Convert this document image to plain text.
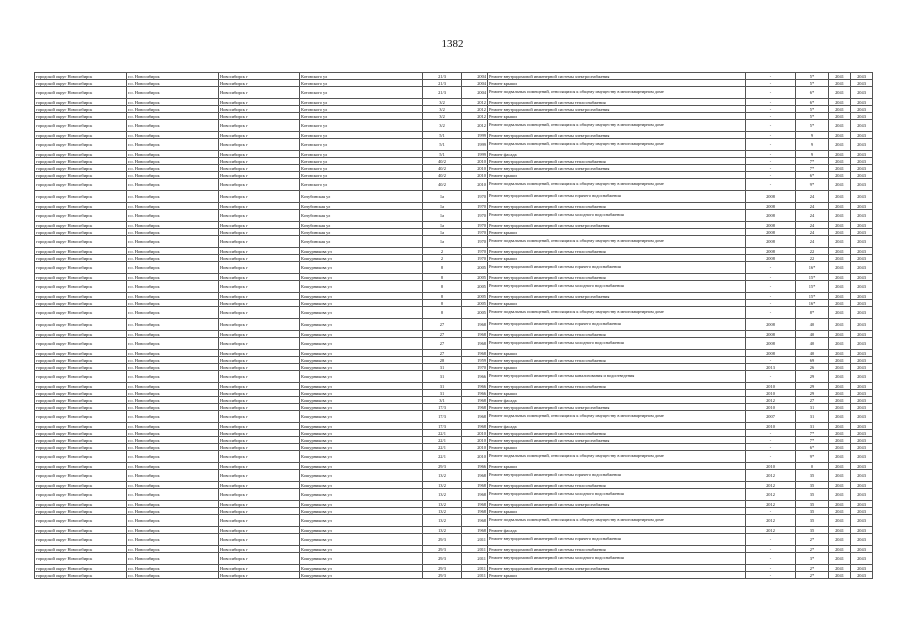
1382
городской округ Новосибирск	г.о. Новосибирск	Новосибирск г	Котовского ул	21/3	2004	Ремонт внутридомовой инженерной системы электроснабжения	-	5*	2041	2043
городской округ Новосибирск	г.о. Новосибирск	Новосибирск г	Котовского ул	21/3	2004	Ремонт крыши	-	5*	2041	2043
городской округ Новосибирск	г.о. Новосибирск	Новосибирск г	Котовского ул	21/3	2004	Ремонт подвальных помещений, относящихся к общему имуществу в многоквартирном доме	-	6*	2041	2043
городской округ Новосибирск	г.о. Новосибирск	Новосибирск г	Котовского ул	3/2	2012	Ремонт внутридомовой инженерной системы теплоснабжения	-	6*	2041	2043
городской округ Новосибирск	г.о. Новосибирск	Новосибирск г	Котовского ул	3/2	2012	Ремонт внутридомовой инженерной системы электроснабжения	-	5*	2041	2043
городской округ Новосибирск	г.о. Новосибирск	Новосибирск г	Котовского ул	3/2	2012	Ремонт крыши	-	5*	2041	2043
городской округ Новосибирск	г.о. Новосибирск	Новосибирск г	Котовского ул	3/2	2012	Ремонт подвальных помещений, относящихся к общему имуществу в многоквартирном доме	-	5*	2041	2043
городской округ Новосибирск	г.о. Новосибирск	Новосибирск г	Котовского ул	5/1	1999	Ремонт внутридомовой инженерной системы электроснабжения	-	9	2041	2043
городской округ Новосибирск	г.о. Новосибирск	Новосибирск г	Котовского ул	5/1	1999	Ремонт подвальных помещений, относящихся к общему имуществу в многоквартирном доме	-	9	2041	2043
городской округ Новосибирск	г.о. Новосибирск	Новосибирск г	Котовского ул	5/1	1999	Ремонт фасада	-	9	2041	2043
городской округ Новосибирск	г.о. Новосибирск	Новосибирск г	Котовского ул	40/2	2010	Ремонт внутридомовой инженерной системы теплоснабжения	-	7*	2041	2043
городской округ Новосибирск	г.о. Новосибирск	Новосибирск г	Котовского ул	40/2	2010	Ремонт внутридомовой инженерной системы электроснабжения	-	7*	2041	2043
городской округ Новосибирск	г.о. Новосибирск	Новосибирск г	Котовского ул	40/2	2010	Ремонт крыши	-	6*	2041	2043
городской округ Новосибирск	г.о. Новосибирск	Новосибирск г	Котовского ул	40/2	2010	Ремонт подвальных помещений, относящихся к общему имуществу в многоквартирном доме	-	9*	2041	2043
городской округ Новосибирск	г.о. Новосибирск	Новосибирск г	Кочубинская ул	1а	1970	Ремонт внутридомовой инженерной системы горячего водоснабжения	2008	24	2041	2043
городской округ Новосибирск	г.о. Новосибирск	Новосибирск г	Кочубинская ул	1а	1970	Ремонт внутридомовой инженерной системы теплоснабжения	2008	24	2041	2043
городской округ Новосибирск	г.о. Новосибирск	Новосибирск г	Кочубинская ул	1а	1970	Ремонт внутридомовой инженерной системы холодного водоснабжения	2008	24	2041	2043
городской округ Новосибирск	г.о. Новосибирск	Новосибирск г	Кочубинская ул	1а	1970	Ремонт внутридомовой инженерной системы электроснабжения	2008	24	2041	2043
городской округ Новосибирск	г.о. Новосибирск	Новосибирск г	Кочубинская ул	1а	1970	Ремонт крыши	2008	24	2041	2043
городской округ Новосибирск	г.о. Новосибирск	Новосибирск г	Кочубинская ул	1а	1970	Ремонт подвальных помещений, относящихся к общему имуществу в многоквартирном доме	2008	24	2041	2043
городской округ Новосибирск	г.о. Новосибирск	Новосибирск г	Кошурникова ул	2	1970	Ремонт внутридомовой инженерной системы теплоснабжения	2008	22	2041	2043
городской округ Новосибирск	г.о. Новосибирск	Новосибирск г	Кошурникова ул	2	1970	Ремонт крыши	2008	22	2041	2043
городской округ Новосибирск	г.о. Новосибирск	Новосибирск г	Кошурникова ул	8	2005	Ремонт внутридомовой инженерной системы горячего водоснабжения	-	16*	2041	2043
городской округ Новосибирск	г.о. Новосибирск	Новосибирск г	Кошурникова ул	8	2005	Ремонт внутридомовой инженерной системы теплоснабжения	-	15*	2041	2043
городской округ Новосибирск	г.о. Новосибирск	Новосибирск г	Кошурникова ул	8	2005	Ремонт внутридомовой инженерной системы холодного водоснабжения	-	15*	2041	2043
городской округ Новосибирск	г.о. Новосибирск	Новосибирск г	Кошурникова ул	8	2005	Ремонт внутридомовой инженерной системы электроснабжения	-	15*	2041	2043
городской округ Новосибирск	г.о. Новосибирск	Новосибирск г	Кошурникова ул	8	2005	Ремонт крыши	-	16*	2041	2043
городской округ Новосибирск	г.о. Новосибирск	Новосибирск г	Кошурникова ул	8	2005	Ремонт подвальных помещений, относящихся к общему имуществу в многоквартирном доме	-	8*	2041	2043
городской округ Новосибирск	г.о. Новосибирск	Новосибирск г	Кошурникова ул	27	1968	Ремонт внутридомовой инженерной системы горячего водоснабжения	2008	40	2041	2043
городской округ Новосибирск	г.о. Новосибирск	Новосибирск г	Кошурникова ул	27	1968	Ремонт внутридомовой инженерной системы теплоснабжения	2008	40	2041	2043
городской округ Новосибирск	г.о. Новосибирск	Новосибирск г	Кошурникова ул	27	1968	Ремонт внутридомовой инженерной системы холодного водоснабжения	2008	40	2041	2043
городской округ Новосибирск	г.о. Новосибирск	Новосибирск г	Кошурникова ул	27	1968	Ремонт крыши	2008	40	2041	2043
городской округ Новосибирск	г.о. Новосибирск	Новосибирск г	Кошурникова ул	28	1959	Ремонт внутридомовой инженерной системы теплоснабжения	-	69	2041	2043
городской округ Новосибирск	г.о. Новосибирск	Новосибирск г	Кошурникова ул	31	1970	Ремонт крыши	2013	26	2041	2043
городской округ Новосибирск	г.о. Новосибирск	Новосибирск г	Кошурникова ул	31	1966	Ремонт внутридомовой инженерной системы канализования и водоотведения	-	29	2041	2043
городской округ Новосибирск	г.о. Новосибирск	Новосибирск г	Кошурникова ул	31	1966	Ремонт внутридомовой инженерной системы теплоснабжения	2010	29	2041	2043
городской округ Новосибирск	г.о. Новосибирск	Новосибирск г	Кошурникова ул	31	1966	Ремонт крыши	2010	29	2041	2043
городской округ Новосибирск	г.о. Новосибирск	Новосибирск г	Кошурникова ул	3/1	1968	Ремонт фасада	2012	27	2041	2043
городской округ Новосибирск	г.о. Новосибирск	Новосибирск г	Кошурникова ул	17/3	1968	Ремонт внутридомовой инженерной системы электроснабжения	2010	31	2041	2043
городской округ Новосибирск	г.о. Новосибирск	Новосибирск г	Кошурникова ул	17/3	1968	Ремонт подвальных помещений, относящихся к общему имуществу в многоквартирном доме	2007	31	2041	2043
городской округ Новосибирск	г.о. Новосибирск	Новосибирск г	Кошурникова ул	17/3	1968	Ремонт фасада	2010	31	2041	2043
городской округ Новосибирск	г.о. Новосибирск	Новосибирск г	Кошурникова ул	22/1	2010	Ремонт внутридомовой инженерной системы теплоснабжения	-	7*	2041	2043
городской округ Новосибирск	г.о. Новосибирск	Новосибирск г	Кошурникова ул	22/1	2010	Ремонт внутридомовой инженерной системы электроснабжения	-	7*	2041	2043
городской округ Новосибирск	г.о. Новосибирск	Новосибирск г	Кошурникова ул	22/1	2010	Ремонт крыши	-	6*	2041	2043
городской округ Новосибирск	г.о. Новосибирск	Новосибирск г	Кошурникова ул	22/1	2010	Ремонт подвальных помещений, относящихся к общему имуществу в многоквартирном доме	-	9*	2041	2043
городской округ Новосибирск	г.о. Новосибирск	Новосибирск г	Кошурникова ул	29/3	1966	Ремонт крыши	2010	0	2041	2043
городской округ Новосибирск	г.о. Новосибирск	Новосибирск г	Кошурникова ул	13/2	1968	Ремонт внутридомовой инженерной системы горячего водоснабжения	2012	35	2041	2043
городской округ Новосибирск	г.о. Новосибирск	Новосибирск г	Кошурникова ул	13/2	1968	Ремонт внутридомовой инженерной системы теплоснабжения	2012	35	2041	2043
городской округ Новосибирск	г.о. Новосибирск	Новосибирск г	Кошурникова ул	13/2	1968	Ремонт внутридомовой инженерной системы холодного водоснабжения	2012	35	2041	2043
городской округ Новосибирск	г.о. Новосибирск	Новосибирск г	Кошурникова ул	13/2	1968	Ремонт внутридомовой инженерной системы электроснабжения	2012	35	2041	2043
городской округ Новосибирск	г.о. Новосибирск	Новосибирск г	Кошурникова ул	13/2	1968	Ремонт крыши	-	35	2041	2043
городской округ Новосибирск	г.о. Новосибирск	Новосибирск г	Кошурникова ул	13/2	1968	Ремонт подвальных помещений, относящихся к общему имуществу в многоквартирном доме	2012	35	2041	2043
городской округ Новосибирск	г.о. Новосибирск	Новосибирск г	Кошурникова ул	13/2	1968	Ремонт фасада	2012	35	2041	2043
городской округ Новосибирск	г.о. Новосибирск	Новосибирск г	Кошурникова ул	29/3	2011	Ремонт внутридомовой инженерной системы горячего водоснабжения	-	2*	2041	2043
городской округ Новосибирск	г.о. Новосибирск	Новосибирск г	Кошурникова ул	29/3	2011	Ремонт внутридомовой инженерной системы теплоснабжения	-	2*	2041	2043
городской округ Новосибирск	г.о. Новосибирск	Новосибирск г	Кошурникова ул	29/3	2011	Ремонт внутридомовой инженерной системы холодного водоснабжения	-	3*	2041	2043
городской округ Новосибирск	г.о. Новосибирск	Новосибирск г	Кошурникова ул	29/3	2011	Ремонт внутридомовой инженерной системы электроснабжения	-	2*	2041	2043
городской округ Новосибирск	г.о. Новосибирск	Новосибирск г	Кошурникова ул	29/3	2011	Ремонт крыши	-	2*	2041	2043
